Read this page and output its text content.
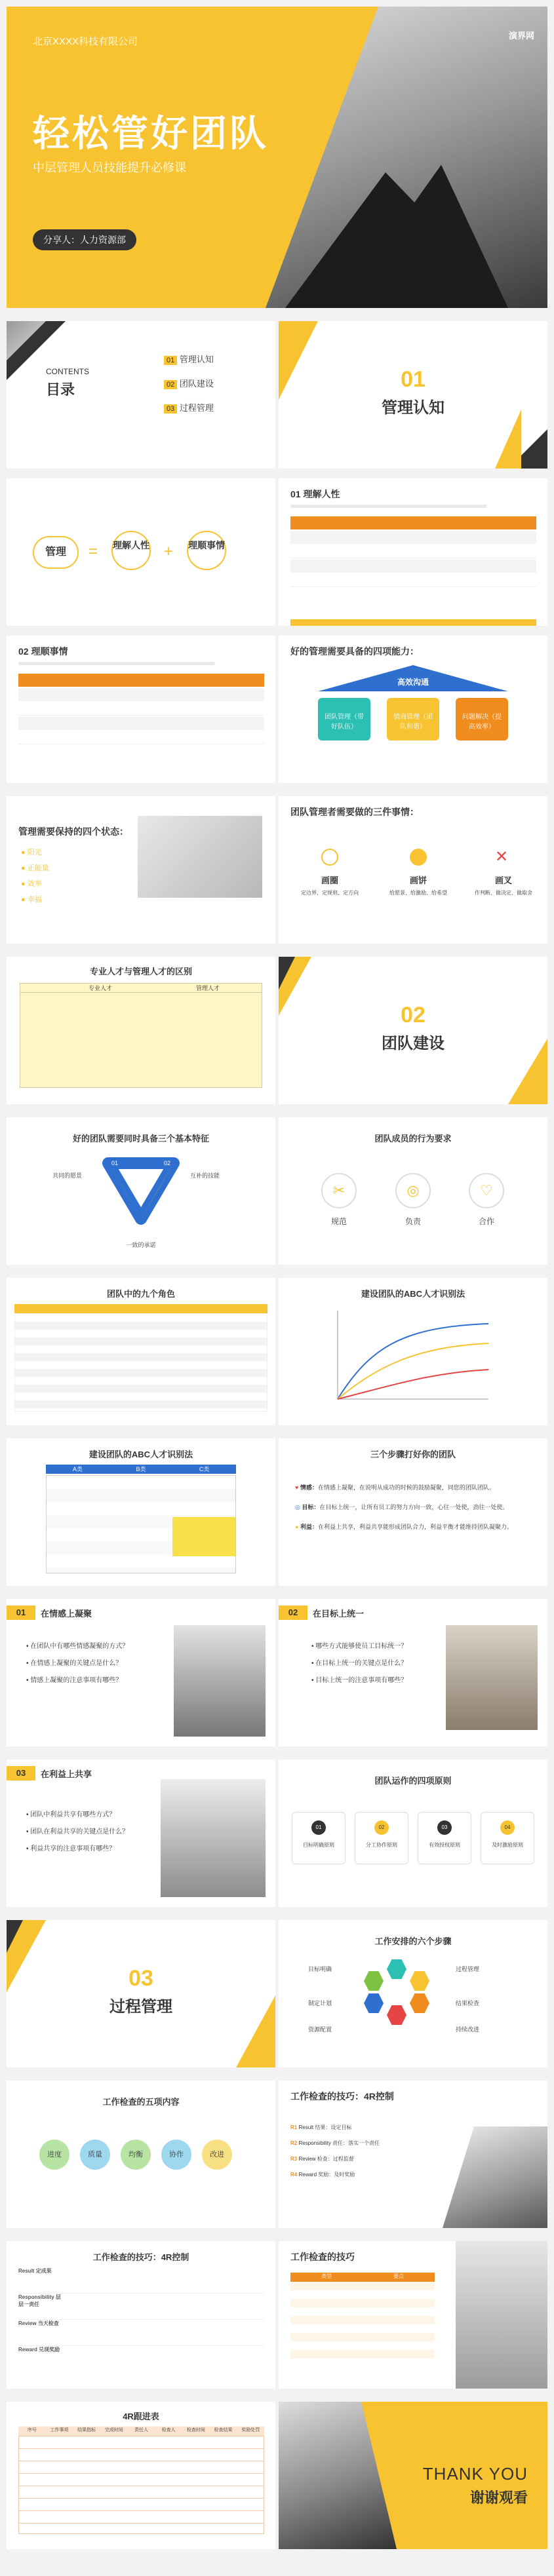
北京XXXX科技有限公司
演界网
轻松管好团队
中层管理人员技能提升必修课
分享人：人力资源部
CONTENTS
目录
01 管理认知
02 团队建设
03 过程管理
01
管理认知
管理	= 理解人性 + 理顺事情
01 理解人性
02 理顺事情	好的管理需要具备的四项能力：
高效沟通
团队管理（带好队伍）
情商管理（团队和谐）
问题解决（提高效率）
管理需要保持的四个状态：
● 阳光
● 正能量
● 效率
● 幸福
团队管理者需要做的三件事情：
✕
画圈	画饼	画叉
定边界、定规则、定方向	给愿景、给激励、给希望	作判断、做决定、做取舍
专业人才与管理人才的区别
专业人才	管理人才
02
团队建设
好的团队需要同时具备三个基本特征
01	02
共同的愿景	互补的技能
一致的承诺
团队成员的行为要求
✂	◎	♡
规范	负责	合作
团队中的九个角色	建设团队的ABC人才识别法
建设团队的ABC人才识别法
A类	B类	C类
三个步骤打好你的团队
♥ 情感：在情感上凝聚，在说明从成功的时候的鼓励凝聚，同您的团队团队。
◎ 目标：在目标上统一，让所有员工的努力方向一致，心往一处使，劲往一处使。
● 利益：在利益上共享，利益共享能形成团队合力，利益平衡才能维持团队凝聚力。
01	在情感上凝聚
• 在团队中有哪些情感凝聚的方式？
• 在情感上凝聚的关键点是什么？
• 情感上凝聚的注意事项有哪些？
02	在目标上统一
• 哪些方式能够使员工目标统一？
• 在目标上统一的关键点是什么？
• 目标上统一的注意事项有哪些？
03	在利益上共享
• 团队中利益共享有哪些方式？
• 团队在利益共享的关键点是什么？
• 利益共享的注意事项有哪些？
团队运作的四项原则
01
目标明确原则
02
分工协作原则
03
有效授权原则
04
及时激励原则
03
过程管理
工作安排的六个步骤
目标明确	过程管理
结果检查
制定计划
资源配置	持续改进
工作检查的五项内容
进度	质量	均衡	协作	改进
工作检查的技巧：4R控制
R1 Result 结果：设定目标
R2 Responsibility 责任：落实一个责任
R3 Review 检查：过程监督
R4 Reward 奖励：及时奖励
工作检查的技巧：4R控制
Result 定成果
Responsibility 层层一责任
Review 当天检查
Reward 兑现奖励
工作检查的技巧
类型	要点
4R跟进表
序号	工作事项	结果指标	完成时间	责任人	检查人	检查时间	检查结果	奖励处罚
THANK YOU
谢谢观看
